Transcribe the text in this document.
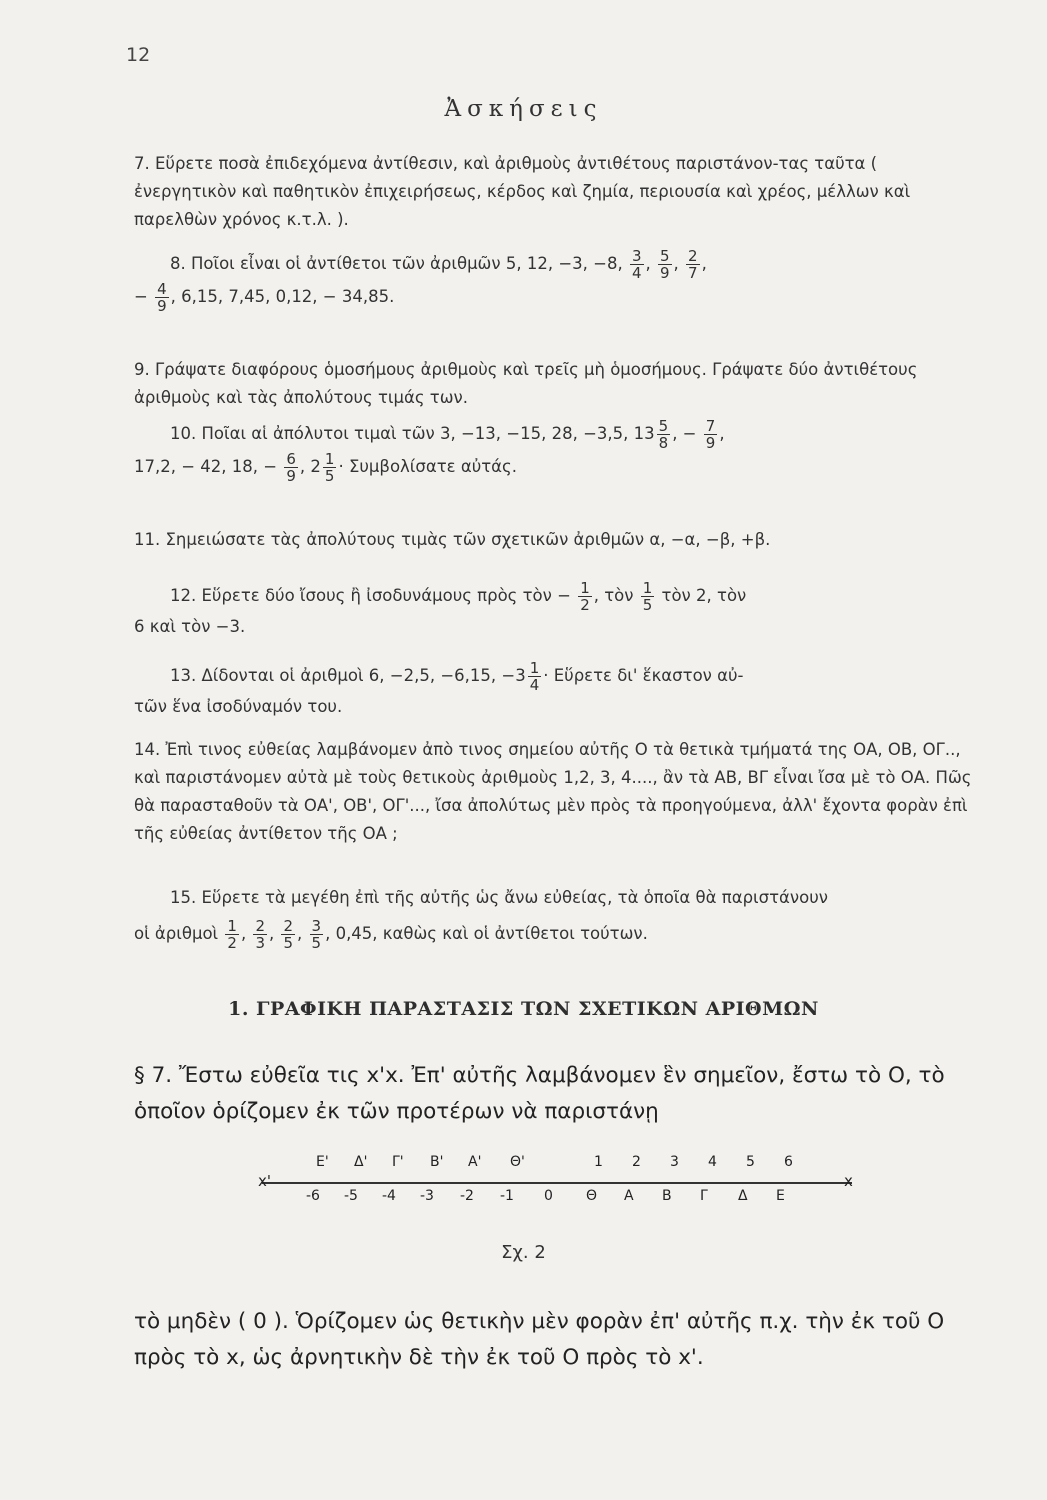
12
Ἀσκήσεις
7. Εὕρετε ποσὰ ἐπιδεχόμενα ἀντίθεσιν, καὶ ἀριθμοὺς ἀντιθέτους παριστάνον-τας ταῦτα ( ἐνεργητικὸν καὶ παθητικὸν ἐπιχειρήσεως, κέρδος καὶ ζημία, περιουσία καὶ χρέος, μέλλων καὶ παρελθὼν χρόνος κ.τ.λ. ).
8. Ποῖοι εἶναι οἱ ἀντίθετοι τῶν ἀριθμῶν 5, 12, −3, −8, $\frac{3}{4}$ , $\frac{5}{9}$ , $\frac{2}{7}$ ,
− $\frac{4}{9}$ , 6,15, 7,45, 0,12, − 34,85.
9. Γράψατε διαφόρους ὁμοσήμους ἀριθμοὺς καὶ τρεῖς μὴ ὁμοσήμους. Γράψατε δύο ἀντιθέτους ἀριθμοὺς καὶ τὰς ἀπολύτους τιμάς των.
10. Ποῖαι αἱ ἀπόλυτοι τιμαὶ τῶν 3, −13, −15, 28, −3,5, $13 \frac{5}{8}$ , − $\frac{7}{9}$ ,
17,2, − 42, 18, − $\frac{6}{9}$ , $2 \frac{1}{5} \cdot \Sigma\upsilon\mu\beta o\lambda ί\sigma\alpha\tau\varepsilon$ αὐτάς.
11. Σημειώσατε τὰς ἀπολύτους τιμὰς τῶν σχετικῶν ἀριθμῶν α, −α, −β, +β.
12. Εὕρετε δύο ἴσους ἢ ἰσοδυνάμους πρὸς τὸν − $\frac{1}{2}$ , τὸν $\frac{1}{5}$ τὸν 2, τὸν
6 καὶ τὸν −3.
13. Δίδονται οἱ ἀριθμοὶ 6, −2,5, −6,15, $-3 \frac{1}{4}$ · Εὕρετε δι' ἕκαστον αὐ-
τῶν ἕνα ἰσοδύναμόν του.
14. Ἐπὶ τινος εὐθείας λαμβάνομεν ἀπὸ τινος σημείου αὐτῆς Ο τὰ θετικὰ τμήματά της ΟΑ, ΟΒ, ΟΓ.., καὶ παριστάνομεν αὐτὰ μὲ τοὺς θετικοὺς ἀριθμοὺς 1,2, 3, 4...., ἂν τὰ ΑΒ, ΒΓ εἶναι ἴσα μὲ τὸ ΟΑ. Πῶς θὰ παρασταθοῦν τὰ ΟΑ', ΟΒ', ΟΓ'..., ἴσα ἀπολύτως μὲν πρὸς τὰ προηγούμενα, ἀλλ' ἔχοντα φορὰν ἐπὶ τῆς εὐθείας ἀντίθετον τῆς ΟΑ ;
15. Εὕρετε τὰ μεγέθη ἐπὶ τῆς αὐτῆς ὡς ἄνω εὐθείας, τὰ ὁποῖα θὰ παριστάνουν
οἱ ἀριθμοὶ $\frac{1}{2}$ , $\frac{2}{3}$ , $\frac{2}{5}$ , $\frac{3}{5}$ , 0,45, καθὼς καὶ οἱ ἀντίθετοι τούτων.
1. ΓΡΑΦΙΚΗ ΠΑΡΑΣΤΑΣΙΣ ΤΩΝ ΣΧΕΤΙΚΩΝ ΑΡΙΘΜΩΝ
§ 7. Ἔστω εὐθεῖα τις x'x. Ἐπ' αὐτῆς λαμβάνομεν ἓν σημεῖον, ἔστω τὸ Ο, τὸ ὁποῖον ὁρίζομεν ἐκ τῶν προτέρων νὰ παριστάνῃ
x'	x
Ε' Δ' Γ' Β' Α' Θ'	1 2 3 4 5 6
-6 -5 -4 -3 -2 -1 0 Θ Α Β Γ Δ Ε
Σχ. 2
τὸ μηδὲν ( 0 ). Ὁρίζομεν ὡς θετικὴν μὲν φορὰν ἐπ' αὐτῆς π.χ. τὴν ἐκ τοῦ Ο πρὸς τὸ x, ὡς ἀρνητικὴν δὲ τὴν ἐκ τοῦ Ο πρὸς τὸ x'.
